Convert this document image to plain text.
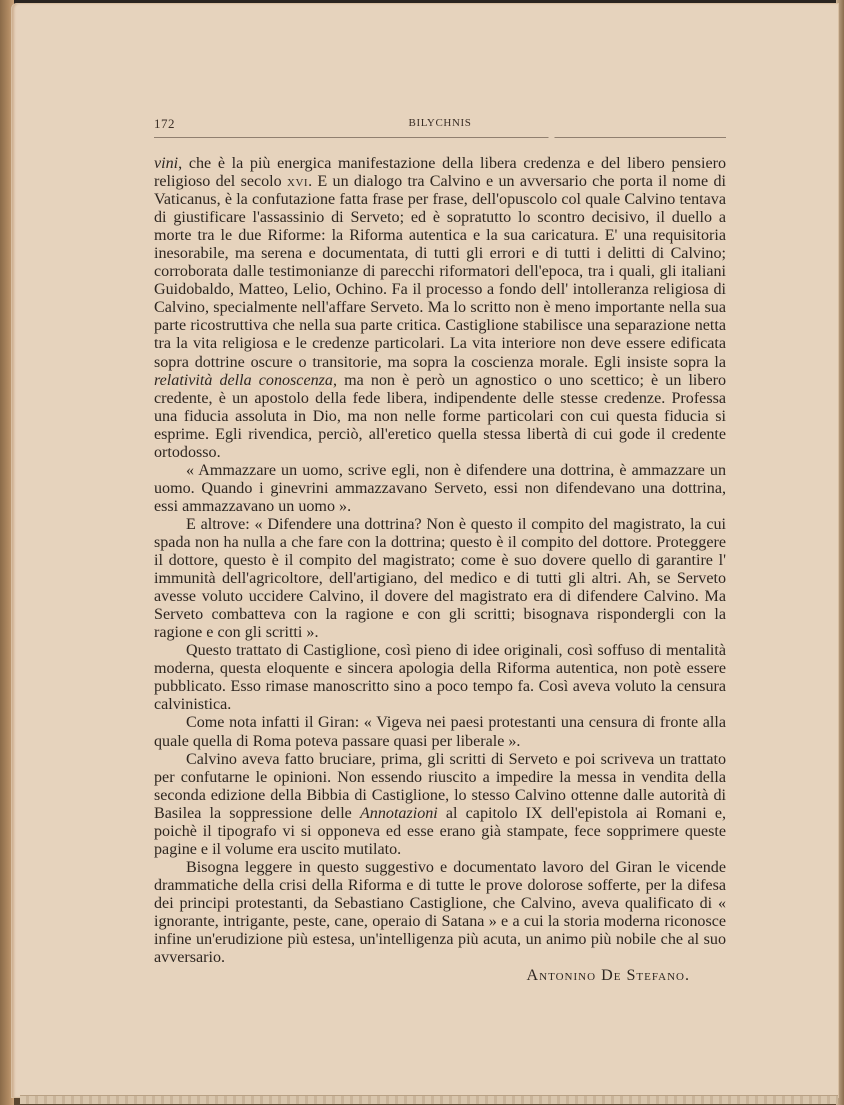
172	BILYCHNIS

vini, che è la più energica manifestazione della libera credenza e del libero pensiero religioso del secolo xvi. E un dialogo tra Calvino e un avversario che porta il nome di Vaticanus, è la confutazione fatta frase per frase, dell'opuscolo col quale Calvino tentava di giustificare l'assassinio di Serveto; ed è sopratutto lo scontro decisivo, il duello a morte tra le due Riforme: la Riforma autentica e la sua caricatura. E' una requisitoria inesorabile, ma serena e documentata, di tutti gli errori e di tutti i delitti di Calvino; corroborata dalle testimonianze di parecchi riformatori dell'epoca, tra i quali, gli italiani Guidobaldo, Matteo, Lelio, Ochino. Fa il processo a fondo dell' intolleranza religiosa di Calvino, specialmente nell'affare Serveto. Ma lo scritto non è meno importante nella sua parte ricostruttiva che nella sua parte critica. Castiglione stabilisce una separazione netta tra la vita religiosa e le credenze particolari. La vita interiore non deve essere edificata sopra dottrine oscure o transitorie, ma sopra la coscienza morale. Egli insiste sopra la relatività della conoscenza, ma non è però un agnostico o uno scettico; è un libero credente, è un apostolo della fede libera, indipendente delle stesse credenze. Professa una fiducia assoluta in Dio, ma non nelle forme particolari con cui questa fiducia si esprime. Egli rivendica, perciò, all'eretico quella stessa libertà di cui gode il credente ortodosso.

« Ammazzare un uomo, scrive egli, non è difendere una dottrina, è ammazzare un uomo. Quando i ginevrini ammazzavano Serveto, essi non difendevano una dottrina, essi ammazzavano un uomo ».

E altrove: « Difendere una dottrina? Non è questo il compito del magistrato, la cui spada non ha nulla a che fare con la dottrina; questo è il compito del dottore. Proteggere il dottore, questo è il compito del magistrato; come è suo dovere quello di garantire l' immunità dell'agricoltore, dell'artigiano, del medico e di tutti gli altri. Ah, se Serveto avesse voluto uccidere Calvino, il dovere del magistrato era di difendere Calvino. Ma Serveto combatteva con la ragione e con gli scritti; bisognava rispondergli con la ragione e con gli scritti ».

Questo trattato di Castiglione, così pieno di idee originali, così soffuso di mentalità moderna, questa eloquente e sincera apologia della Riforma autentica, non potè essere pubblicato. Esso rimase manoscritto sino a poco tempo fa. Così aveva voluto la censura calvinistica.

Come nota infatti il Giran: « Vigeva nei paesi protestanti una censura di fronte alla quale quella di Roma poteva passare quasi per liberale ».

Calvino aveva fatto bruciare, prima, gli scritti di Serveto e poi scriveva un trattato per confutarne le opinioni. Non essendo riuscito a impedire la messa in vendita della seconda edizione della Bibbia di Castiglione, lo stesso Calvino ottenne dalle autorità di Basilea la soppressione delle Annotazioni al capitolo IX dell'epistola ai Romani e, poichè il tipografo vi si opponeva ed esse erano già stampate, fece sopprimere queste pagine e il volume era uscito mutilato.

Bisogna leggere in questo suggestivo e documentato lavoro del Giran le vicende drammatiche della crisi della Riforma e di tutte le prove dolorose sofferte, per la difesa dei principi protestanti, da Sebastiano Castiglione, che Calvino, aveva qualificato di « ignorante, intrigante, peste, cane, operaio di Satana » e a cui la storia moderna riconosce infine un'erudizione più estesa, un'intelligenza più acuta, un animo più nobile che al suo avversario.

Antonino De Stefano.
